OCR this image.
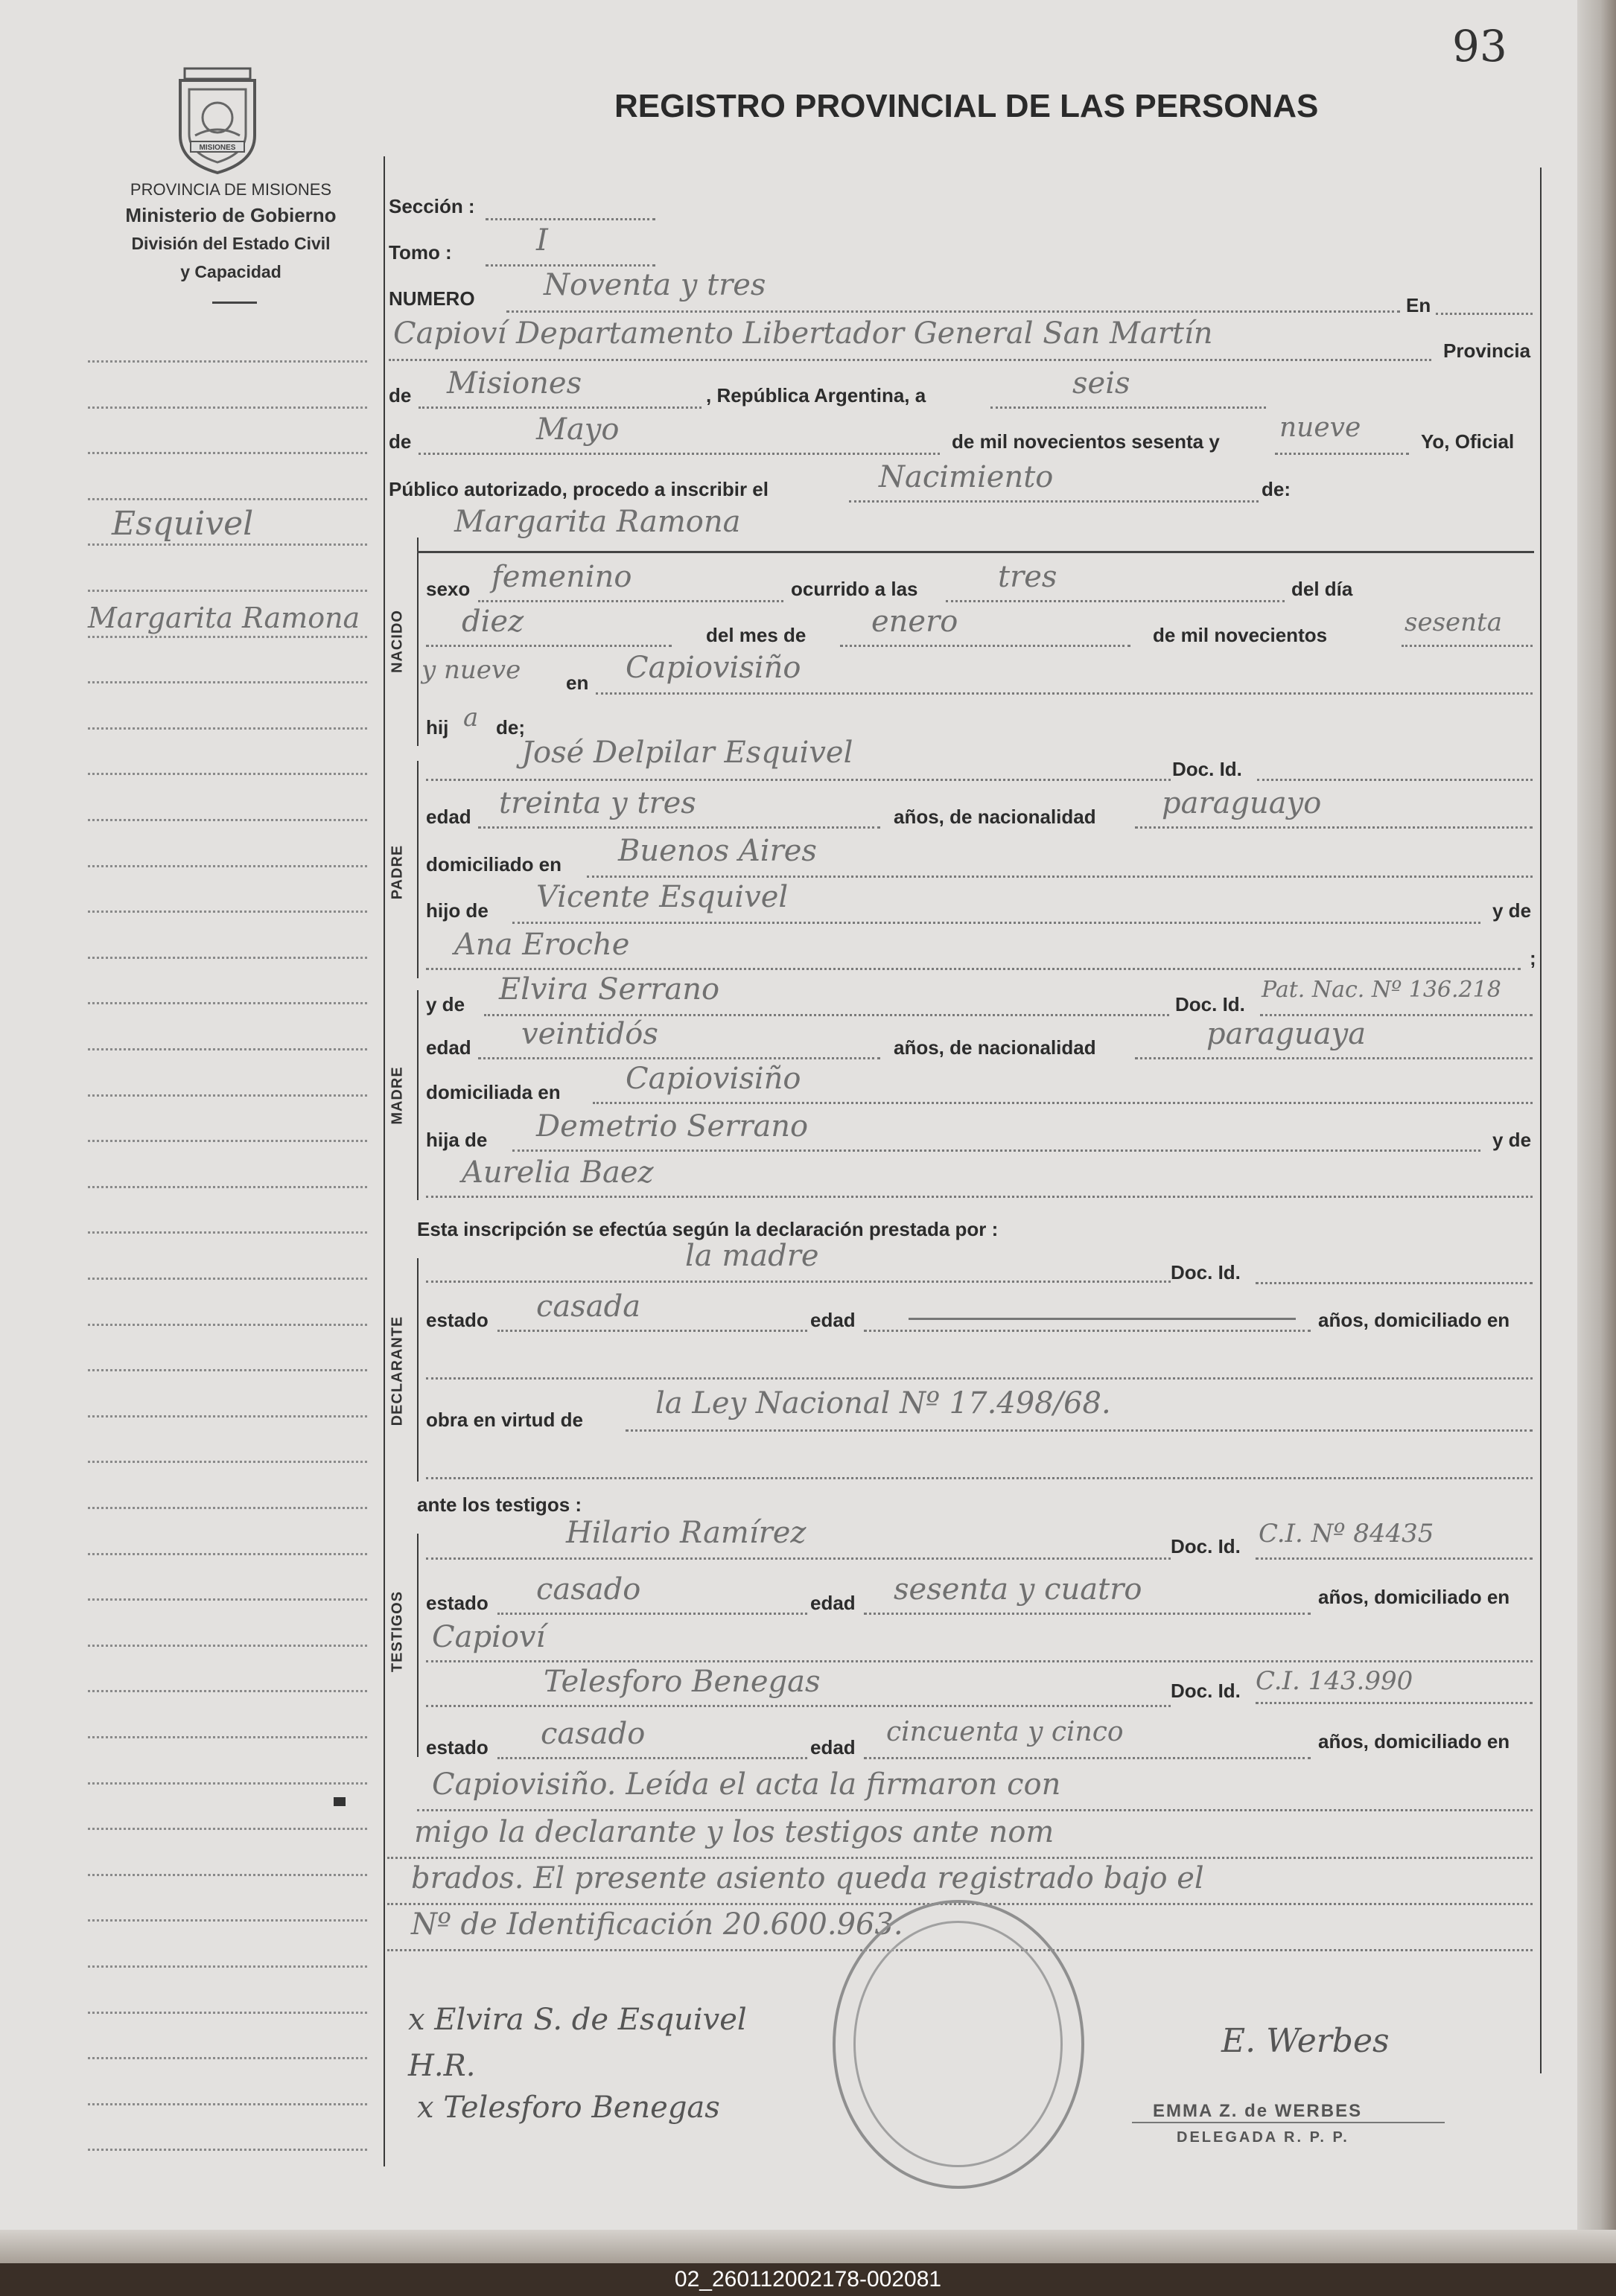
93
REGISTRO PROVINCIAL DE LAS PERSONAS
MISIONES
PROVINCIA DE MISIONES
Ministerio de Gobierno
División del Estado Civil
y Capacidad
Esquivel
Margarita Ramona
Sección :
Tomo :	I
NUMERO Noventa y tres
En
Capioví Departamento Libertador General San Martín	Provincia
de Misiones	, República Argentina, a	seis
de	Mayo	de mil novecientos sesenta y nueve	Yo, Oficial
Público autorizado, procedo a inscribir el	Nacimiento	de:
NACIDO
Margarita Ramona
sexo femenino	ocurrido a las	tres	del día
diez	del mes de enero	de mil novecientos	sesenta
y nueve en Capiovisiño
hij a de;
PADRE
José Delpilar Esquivel	Doc. Id.
edad treinta y tres	años, de nacionalidad paraguayo
domiciliado en Buenos Aires
hijo de Vicente Esquivel	y de
Ana Eroche	;
MADRE
y de Elvira Serrano	Doc. Id.
Pat. Nac. Nº 136.218
edad veintidós	años, de nacionalidad	paraguaya
domiciliada en Capiovisiño
hija de Demetrio Serrano	y de
Aurelia Baez
Esta inscripción se efectúa según la declaración prestada por :
DECLARANTE
la madre	Doc. Id.
estado casada	edad	años, domiciliado en
obra en virtud de la Ley Nacional Nº 17.498/68.
ante los testigos :
TESTIGOS
Hilario Ramírez	Doc. Id. C.I. Nº 84435
estado casado	edad sesenta y cuatro	años, domiciliado en
Capioví
Telesforo Benegas	Doc. Id. C.I. 143.990
estado casado	edad cincuenta y cinco	años, domiciliado en
Capiovisiño. Leída el acta la firmaron con
migo la declarante y los testigos ante nom
brados. El presente asiento queda registrado bajo el
Nº de Identificación 20.600.963.
x Elvira S. de Esquivel
H.R.
x Telesforo Benegas
E. Werbes
EMMA Z. de WERBES
DELEGADA R. P. P.
02_260112002178-002081
